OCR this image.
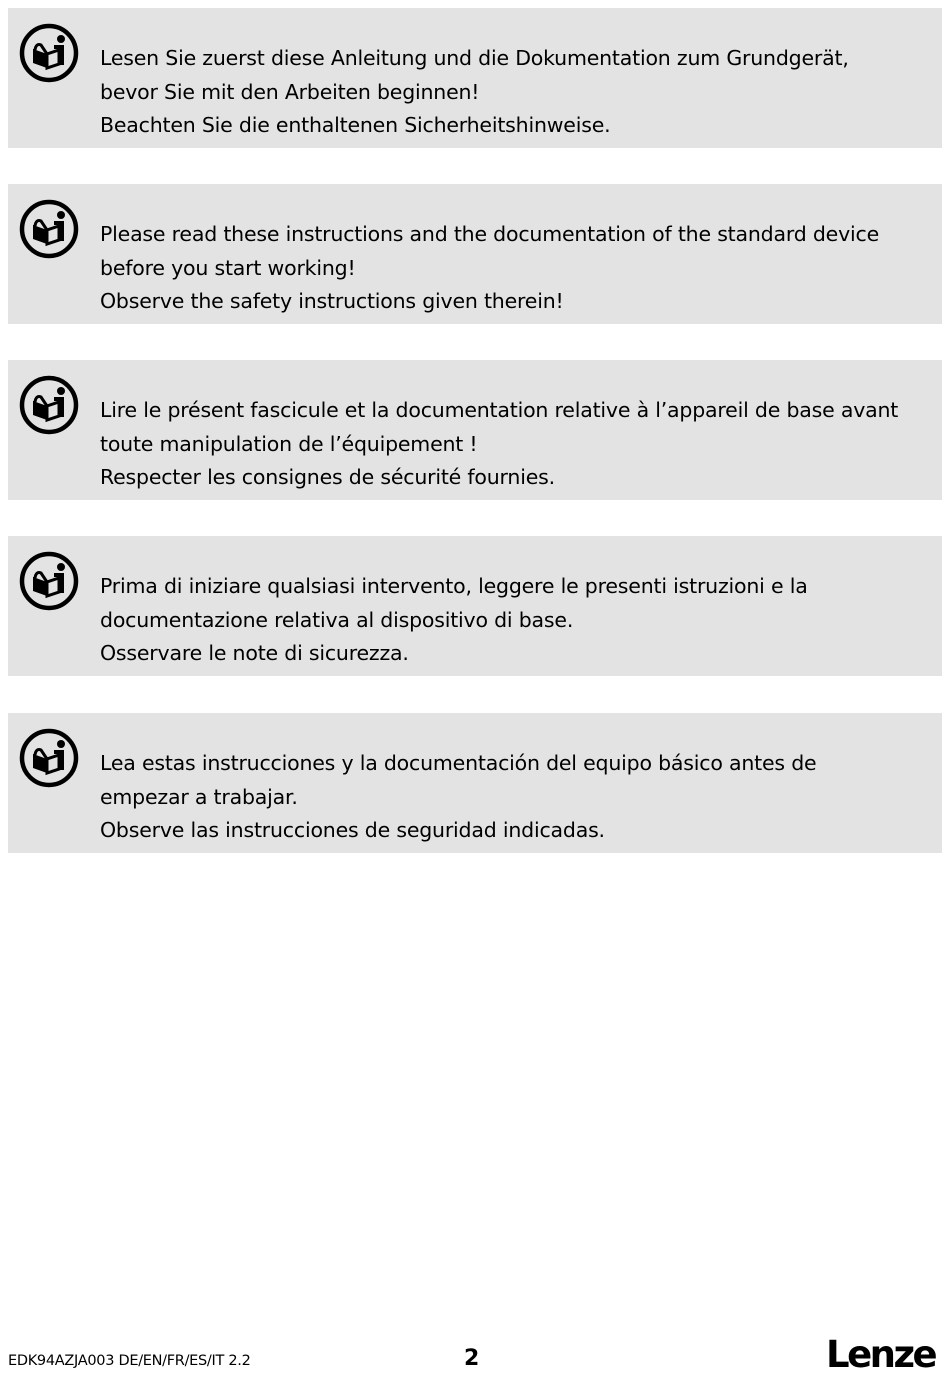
Lesen Sie zuerst diese Anleitung und die Dokumentation zum Grundgerät,
bevor Sie mit den Arbeiten beginnen!
Beachten Sie die enthaltenen Sicherheitshinweise.
Please read these instructions and the documentation of the standard device
before you start working!
Observe the safety instructions given therein!
Lire le présent fascicule et la documentation relative à l’appareil de base avant
toute manipulation de l’équipement !
Respecter les consignes de sécurité fournies.
Prima di iniziare qualsiasi intervento, leggere le presenti istruzioni e la
documentazione relativa al dispositivo di base.
Osservare le note di sicurezza.
Lea estas instrucciones y la documentación del equipo básico antes de
empezar a trabajar.
Observe las instrucciones de seguridad indicadas.
EDK94AZJA003 DE/EN/FR/ES/IT 2.2	2	Lenze
